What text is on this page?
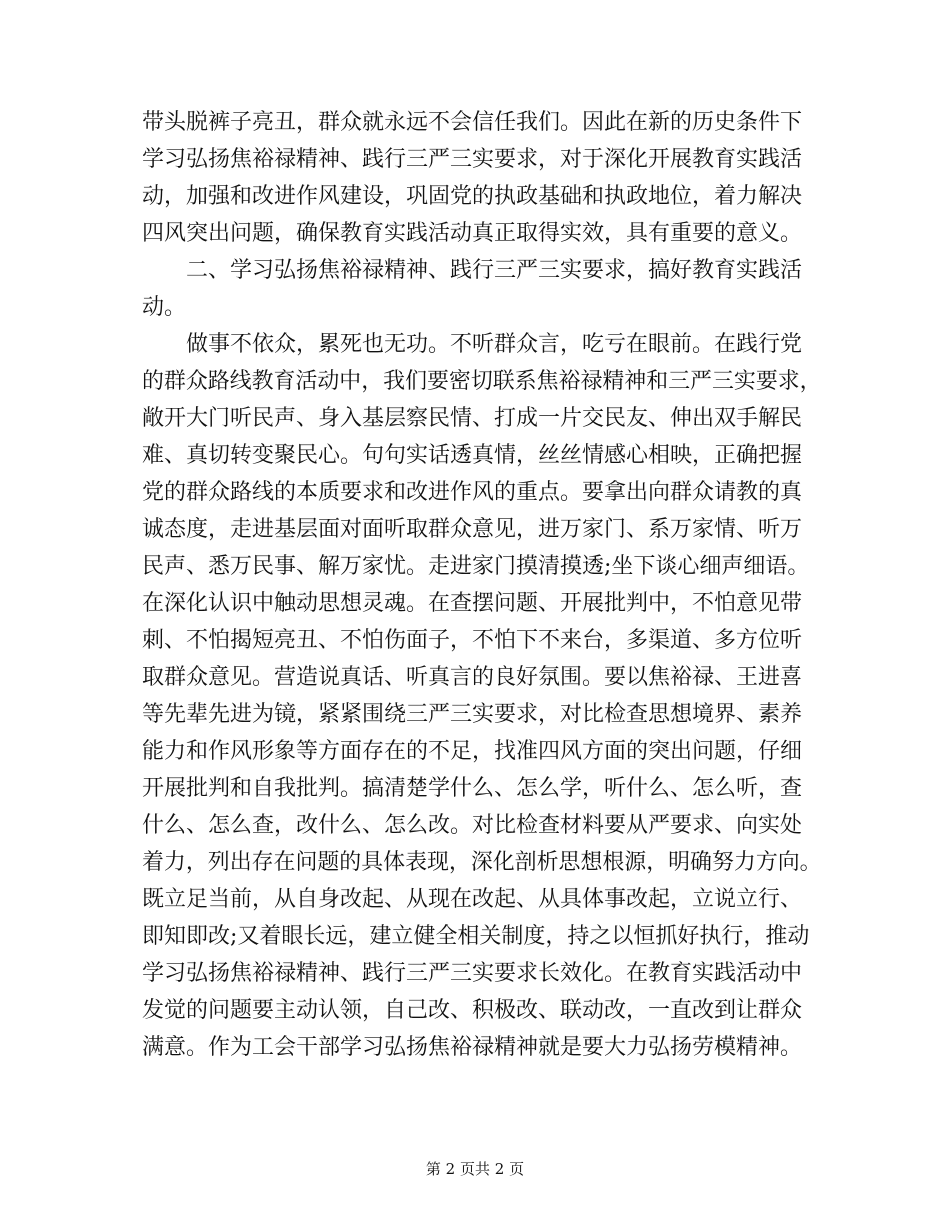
带头脱裤子亮丑，群众就永远不会信任我们。因此在新的历史条件下

学习弘扬焦裕禄精神、践行三严三实要求，对于深化开展教育实践活

动，加强和改进作风建设，巩固党的执政基础和执政地位，着力解决

四风突出问题，确保教育实践活动真正取得实效，具有重要的意义。

　　二、学习弘扬焦裕禄精神、践行三严三实要求，搞好教育实践活

动。

　　做事不依众，累死也无功。不听群众言，吃亏在眼前。在践行党

的群众路线教育活动中，我们要密切联系焦裕禄精神和三严三实要求，

敞开大门听民声、身入基层察民情、打成一片交民友、伸出双手解民

难、真切转变聚民心。句句实话透真情，丝丝情感心相映，正确把握

党的群众路线的本质要求和改进作风的重点。要拿出向群众请教的真

诚态度，走进基层面对面听取群众意见，进万家门、系万家情、听万

民声、悉万民事、解万家忧。走进家门摸清摸透;坐下谈心细声细语。

在深化认识中触动思想灵魂。在查摆问题、开展批判中，不怕意见带

刺、不怕揭短亮丑、不怕伤面子，不怕下不来台，多渠道、多方位听

取群众意见。营造说真话、听真言的良好氛围。要以焦裕禄、王进喜

等先辈先进为镜，紧紧围绕三严三实要求，对比检查思想境界、素养

能力和作风形象等方面存在的不足，找准四风方面的突出问题，仔细

开展批判和自我批判。搞清楚学什么、怎么学，听什么、怎么听，查

什么、怎么查，改什么、怎么改。对比检查材料要从严要求、向实处

着力，列出存在问题的具体表现，深化剖析思想根源，明确努力方向。

既立足当前，从自身改起、从现在改起、从具体事改起，立说立行、

即知即改;又着眼长远，建立健全相关制度，持之以恒抓好执行，推动

学习弘扬焦裕禄精神、践行三严三实要求长效化。在教育实践活动中

发觉的问题要主动认领，自己改、积极改、联动改，一直改到让群众

满意。作为工会干部学习弘扬焦裕禄精神就是要大力弘扬劳模精神。

第 2 页共 2 页
